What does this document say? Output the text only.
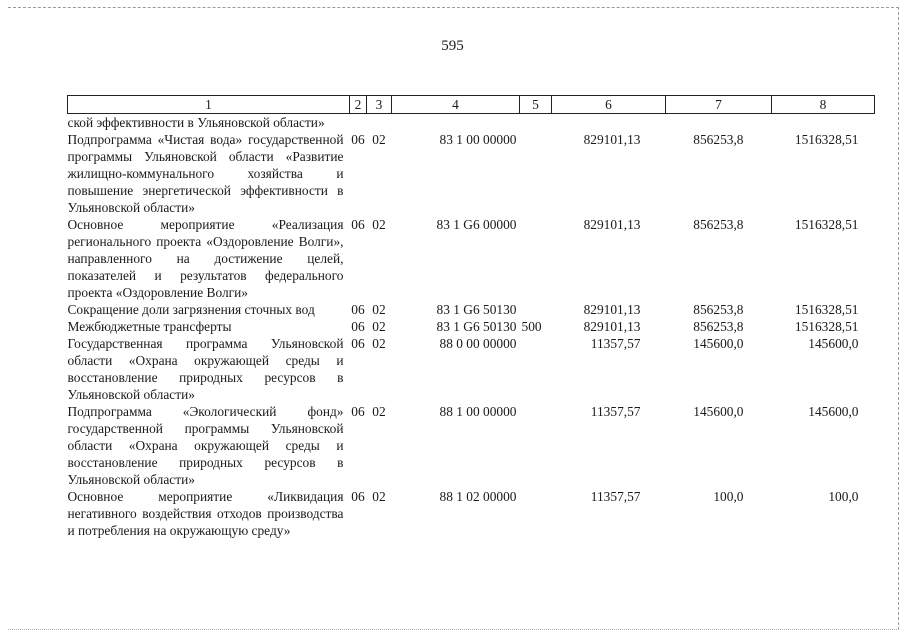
595
1	2	3	4	5	6	7	8
ской эффективности в Ульяновской области»							
Подпрограмма «Чистая вода» государственной программы Ульяновской области «Развитие жилищно-коммунального хозяйства и повышение энергетической эффективности в Ульяновской области»	06	02	83 1 00 00000		829101,13	856253,8	1516328,51
Основное мероприятие «Реализация регионального проекта «Оздоровление Волги», направленного на достижение целей, показателей и результатов федерального проекта «Оздоровление Волги»	06	02	83 1 G6 00000		829101,13	856253,8	1516328,51
Сокращение доли загрязнения сточных вод	06	02	83 1 G6 50130		829101,13	856253,8	1516328,51
Межбюджетные трансферты	06	02	83 1 G6 50130	500	829101,13	856253,8	1516328,51
Государственная программа Ульяновской области «Охрана окружающей среды и восстановление природных ресурсов в Ульяновской области»	06	02	88 0 00 00000		11357,57	145600,0	145600,0
Подпрограмма «Экологический фонд» государственной программы Ульяновской области «Охрана окружающей среды и восстановление природных ресурсов в Ульяновской области»	06	02	88 1 00 00000		11357,57	145600,0	145600,0
Основное мероприятие «Ликвидация негативного воздействия отходов производства и потребления на окружающую среду»	06	02	88 1 02 00000		11357,57	100,0	100,0
